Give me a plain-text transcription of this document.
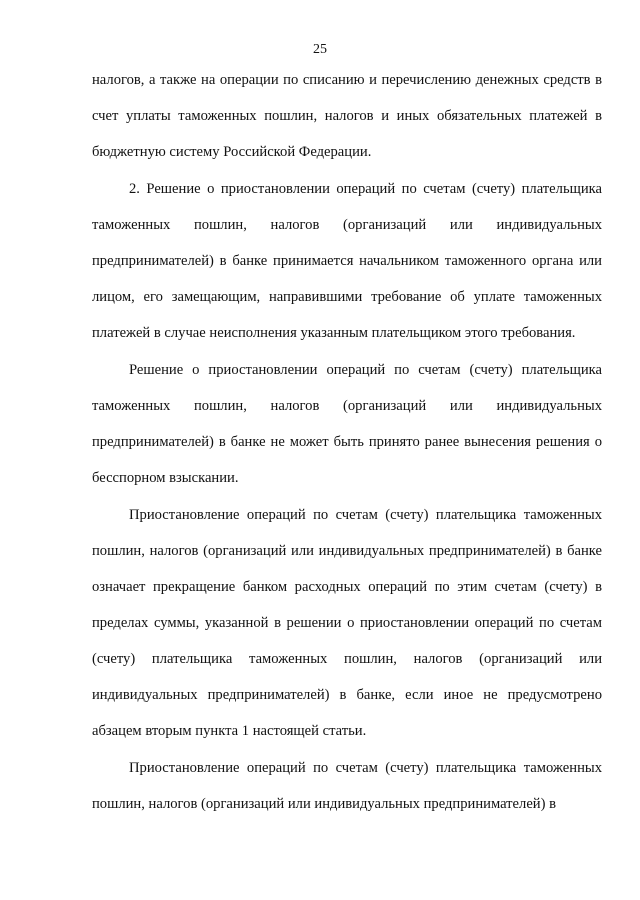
25

налогов, а также на операции по списанию и перечислению денежных средств в счет уплаты таможенных пошлин, налогов и иных обязательных платежей в бюджетную систему Российской Федерации.

2. Решение о приостановлении операций по счетам (счету) плательщика таможенных пошлин, налогов (организаций или индивидуальных предпринимателей) в банке принимается начальником таможенного органа или лицом, его замещающим, направившими требование об уплате таможенных платежей в случае неисполнения указанным плательщиком этого требования.

Решение о приостановлении операций по счетам (счету) плательщика таможенных пошлин, налогов (организаций или индивидуальных предпринимателей) в банке не может быть принято ранее вынесения решения о бесспорном взыскании.

Приостановление операций по счетам (счету) плательщика таможенных пошлин, налогов (организаций или индивидуальных предпринимателей) в банке означает прекращение банком расходных операций по этим счетам (счету) в пределах суммы, указанной в решении о приостановлении операций по счетам (счету) плательщика таможенных пошлин, налогов (организаций или индивидуальных предпринимателей) в банке, если иное не предусмотрено абзацем вторым пункта 1 настоящей статьи.

Приостановление операций по счетам (счету) плательщика таможенных пошлин, налогов (организаций или индивидуальных предпринимателей) в
